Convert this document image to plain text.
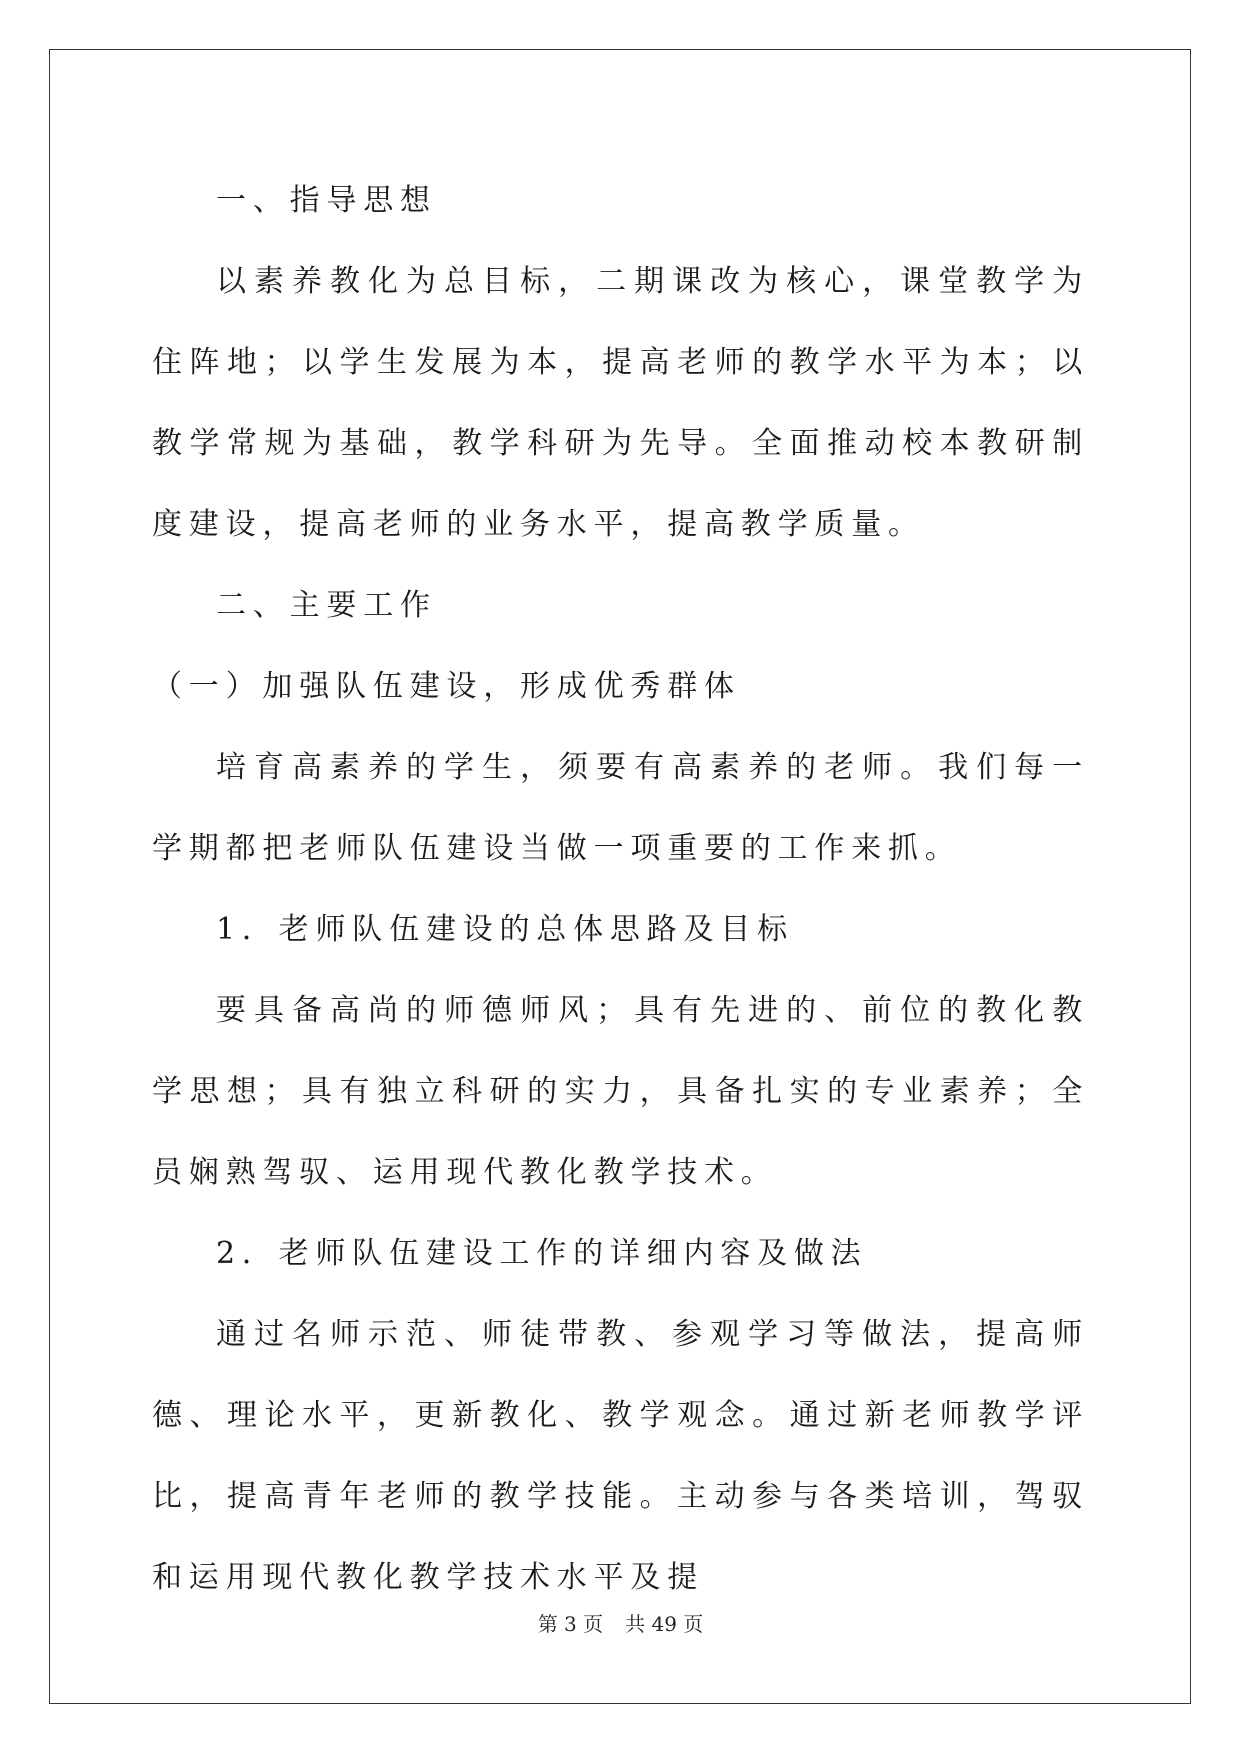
一、指导思想

以素养教化为总目标，二期课改为核心，课堂教学为住阵地；以学生发展为本，提高老师的教学水平为本；以教学常规为基础，教学科研为先导。全面推动校本教研制度建设，提高老师的业务水平，提高教学质量。

二、主要工作

（一）加强队伍建设，形成优秀群体

培育高素养的学生，须要有高素养的老师。我们每一学期都把老师队伍建设当做一项重要的工作来抓。

1．老师队伍建设的总体思路及目标

要具备高尚的师德师风；具有先进的、前位的教化教学思想；具有独立科研的实力，具备扎实的专业素养；全员娴熟驾驭、运用现代教化教学技术。

2．老师队伍建设工作的详细内容及做法

通过名师示范、师徒带教、参观学习等做法，提高师德、理论水平，更新教化、教学观念。通过新老师教学评比，提高青年老师的教学技能。主动参与各类培训，驾驭和运用现代教化教学技术水平及提

第 3 页 共 49 页
